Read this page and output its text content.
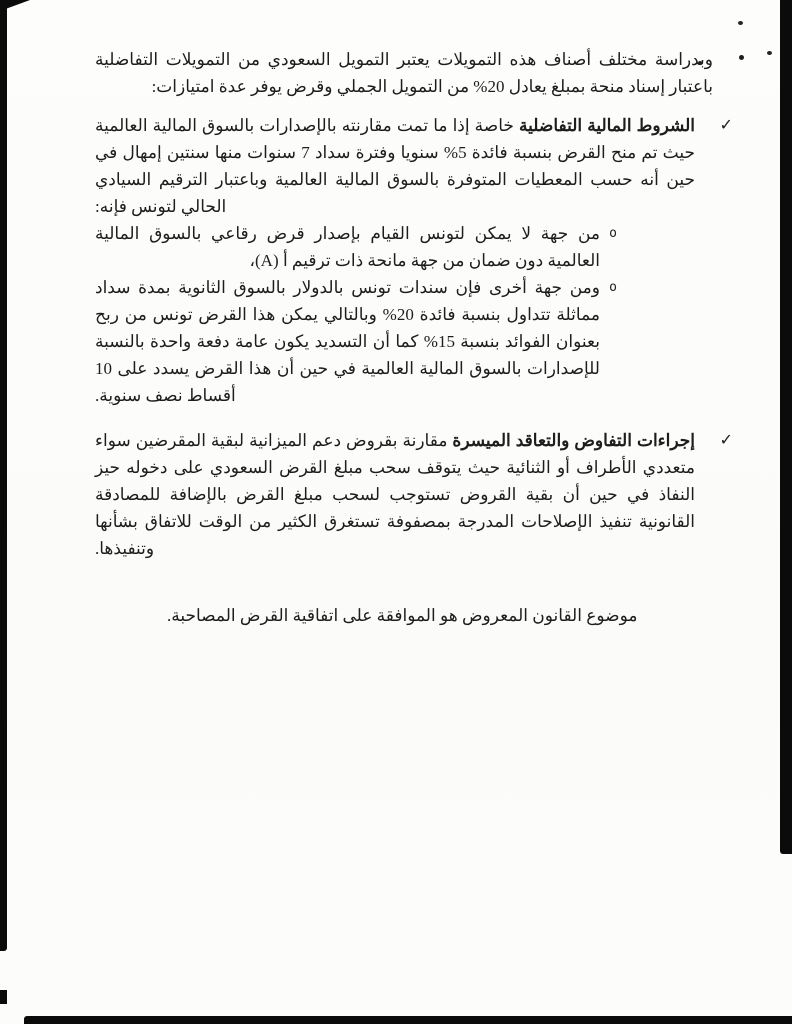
وبدراسة مختلف أصناف هذه التمويلات يعتبر التمويل السعودي من التمويلات التفاضلية باعتبار إسناد منحة بمبلغ يعادل 20% من التمويل الجملي وقرض يوفر عدة امتيازات:

✓
الشروط المالية التفاضلية خاصة إذا ما تمت مقارنته بالإصدارات بالسوق المالية العالمية حيث تم منح القرض بنسبة فائدة 5% سنويا وفترة سداد 7 سنوات منها سنتين إمهال في حين أنه حسب المعطيات المتوفرة بالسوق المالية العالمية وباعتبار الترقيم السيادي الحالي لتونس فإنه:

o
من جهة لا يمكن لتونس القيام بإصدار قرض رقاعي بالسوق المالية العالمية دون ضمان من جهة مانحة ذات ترقيم أ (A)،

o
ومن جهة أخرى فإن سندات تونس بالدولار بالسوق الثانوية بمدة سداد مماثلة تتداول بنسبة فائدة 20% وبالتالي يمكن هذا القرض تونس من ربح بعنوان الفوائد بنسبة 15% كما أن التسديد يكون عامة دفعة واحدة بالنسبة للإصدارات بالسوق المالية العالمية في حين أن هذا القرض يسدد على 10 أقساط نصف سنوية.

✓
إجراءات التفاوض والتعاقد الميسرة مقارنة بقروض دعم الميزانية لبقية المقرضين سواء متعددي الأطراف أو الثنائية حيث يتوقف سحب مبلغ القرض السعودي على دخوله حيز النفاذ في حين أن بقية القروض تستوجب لسحب مبلغ القرض بالإضافة للمصادقة القانونية تنفيذ الإصلاحات المدرجة بمصفوفة تستغرق الكثير من الوقت للاتفاق بشأنها وتنفيذها.

موضوع القانون المعروض هو الموافقة على اتفاقية القرض المصاحبة.
